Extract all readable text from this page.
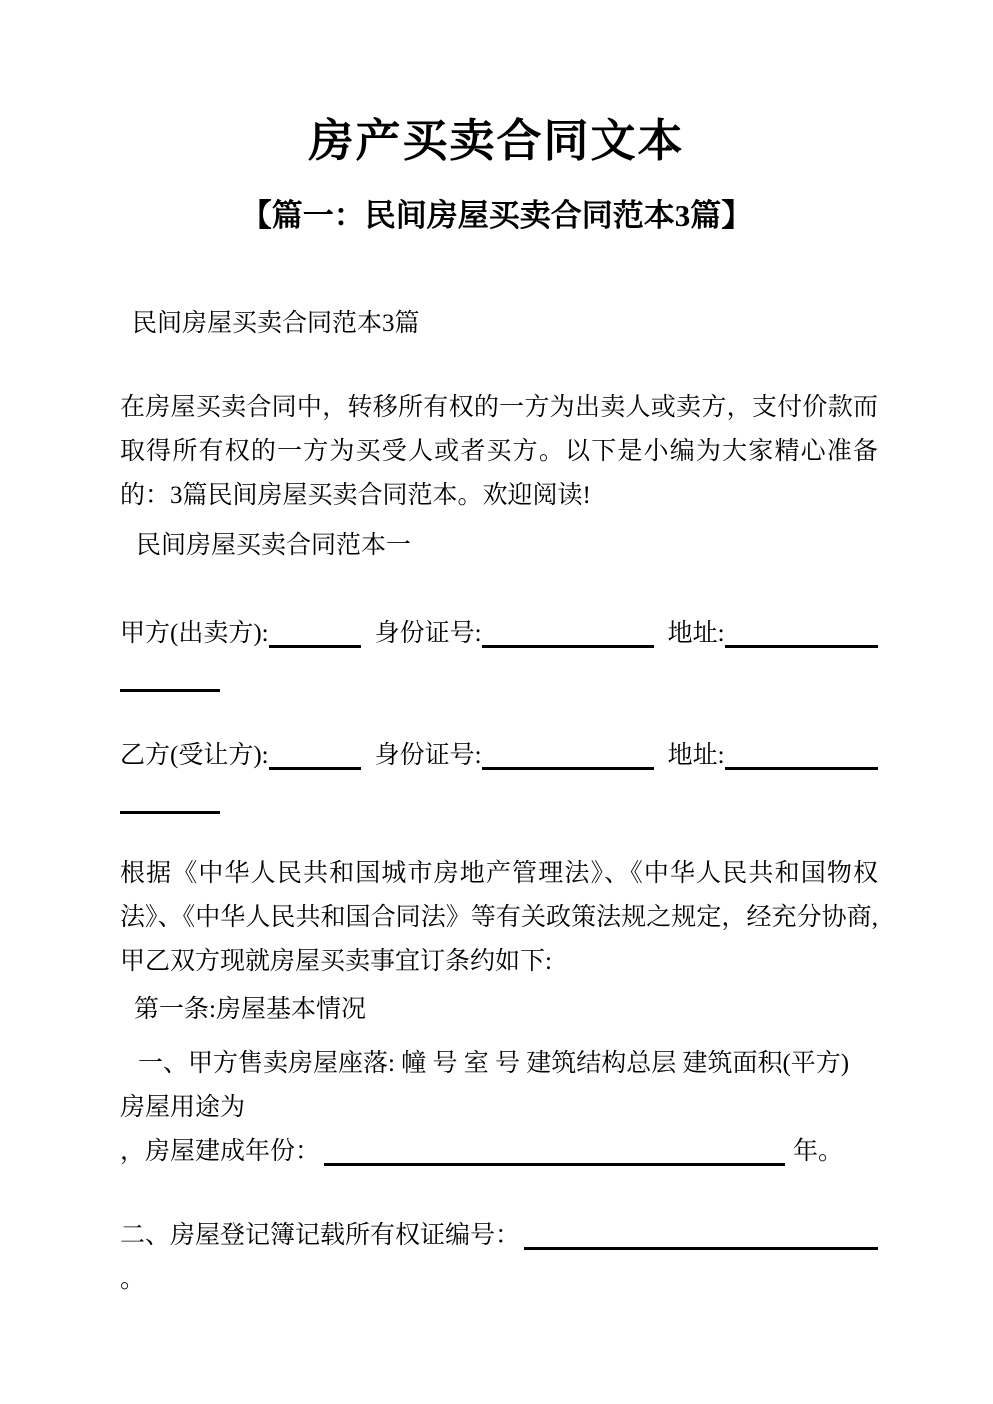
房产买卖合同文本
【篇一：民间房屋买卖合同范本3篇】
民间房屋买卖合同范本3篇
在房屋买卖合同中，转移所有权的一方为出卖人或卖方，支付价款而取得所有权的一方为买受人或者买方。以下是小编为大家精心准备的：3篇民间房屋买卖合同范本。欢迎阅读!
民间房屋买卖合同范本一
甲方(出卖方):	身份证号:	地址:
乙方(受让方):	身份证号:	地址:
根据《中华人民共和国城市房地产管理法》、《中华人民共和国物权法》、《中华人民共和国合同法》等有关政策法规之规定，经充分协商,甲乙双方现就房屋买卖事宜订条约如下:
第一条:房屋基本情况
一、甲方售卖房屋座落: 幢 号 室 号 建筑结构总层 建筑面积(平方)
房屋用途为
，房屋建成年份：	年。
二、房屋登记簿记载所有权证编号：
。
